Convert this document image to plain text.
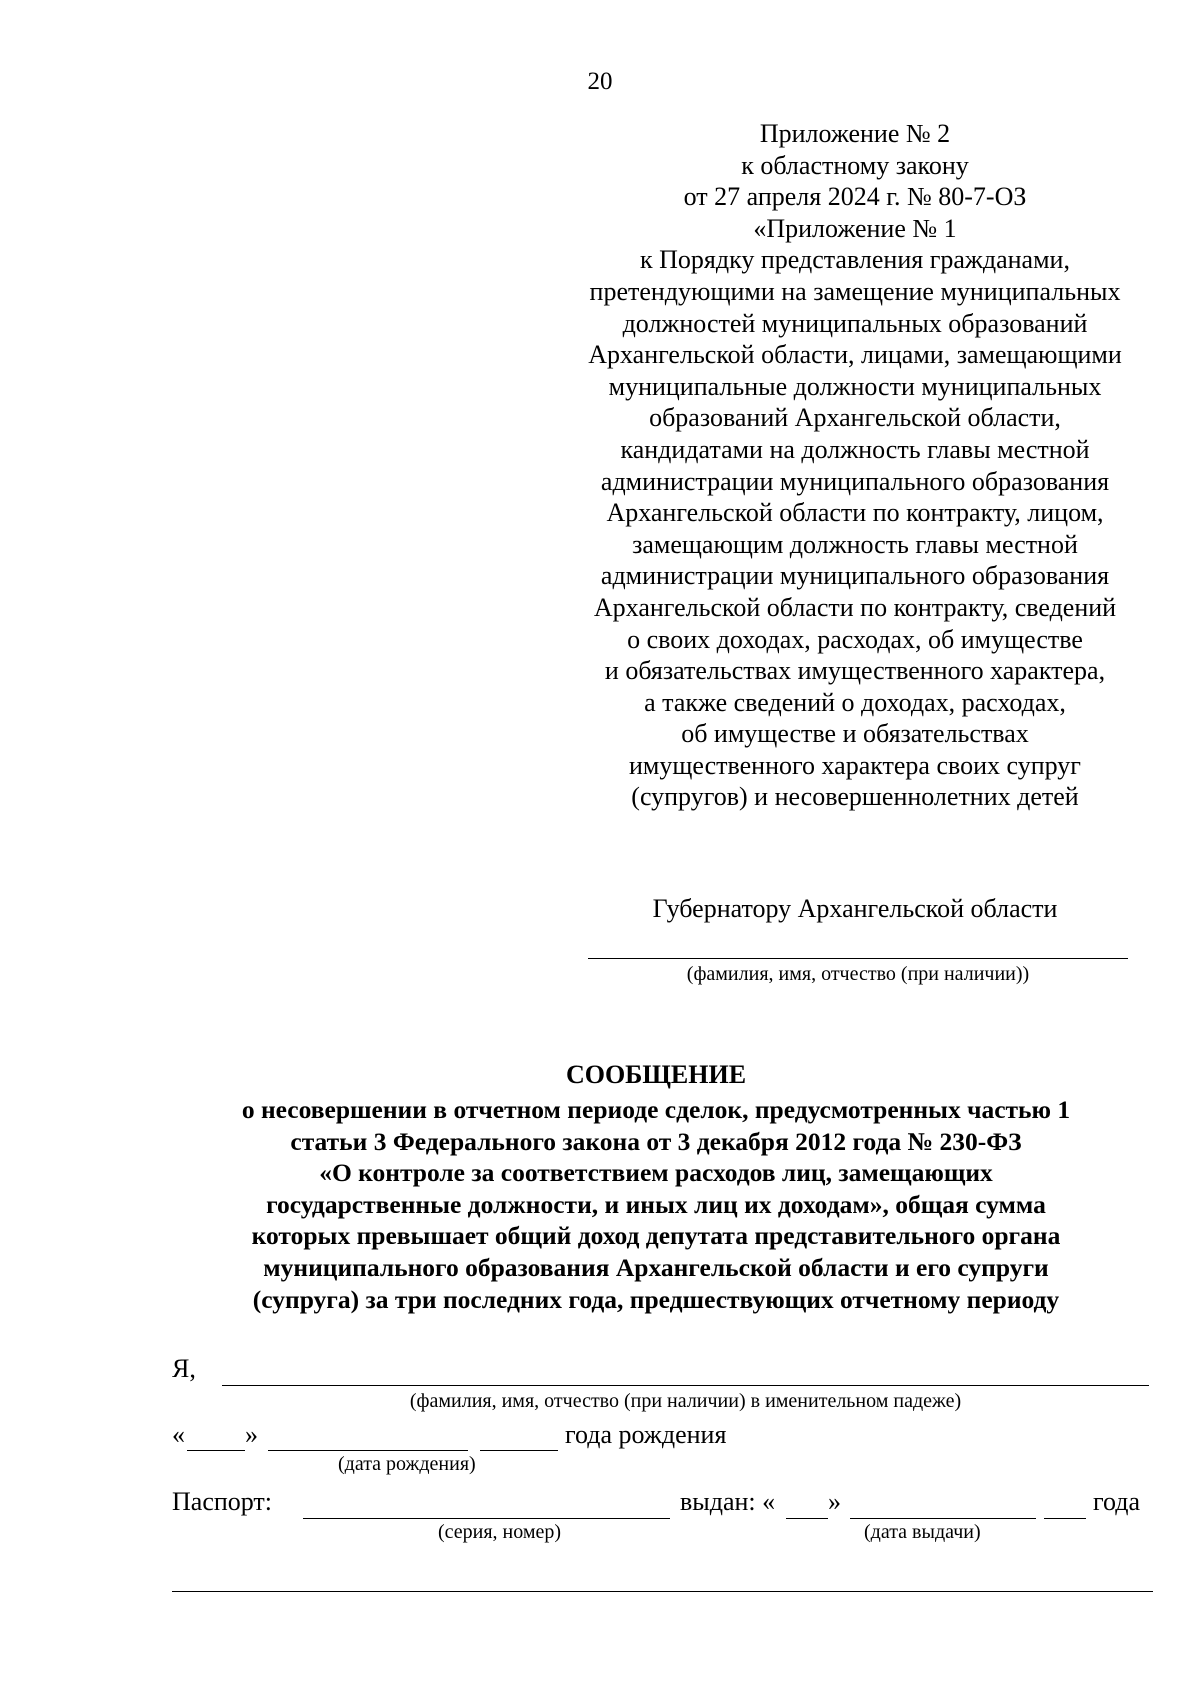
20
Приложение № 2
к областному закону
от 27 апреля 2024 г. № 80-7-ОЗ
«Приложение № 1
к Порядку представления гражданами,
претендующими на замещение муниципальных
должностей муниципальных образований
Архангельской области, лицами, замещающими
муниципальные должности муниципальных
образований Архангельской области,
кандидатами на должность главы местной
администрации муниципального образования
Архангельской области по контракту, лицом,
замещающим должность главы местной
администрации муниципального образования
Архангельской области по контракту, сведений
о своих доходах, расходах, об имуществе
и обязательствах имущественного характера,
а также сведений о доходах, расходах,
об имуществе и обязательствах
имущественного характера своих супруг
(супругов) и несовершеннолетних детей
Губернатору Архангельской области
(фамилия, имя, отчество (при наличии))
СООБЩЕНИЕ
о несовершении в отчетном периоде сделок, предусмотренных частью 1
статьи 3 Федерального закона от 3 декабря 2012 года № 230-ФЗ
«О контроле за соответствием расходов лиц, замещающих
государственные должности, и иных лиц их доходам», общая сумма
которых превышает общий доход депутата представительного органа
муниципального образования Архангельской области и его супруги
(супруга) за три последних года, предшествующих отчетному периоду
Я,
(фамилия, имя, отчество (при наличии) в именительном падеже)
« »	года рождения
(дата рождения)
Паспорт:	выдан: « »	года
(серия, номер)	(дата выдачи)
